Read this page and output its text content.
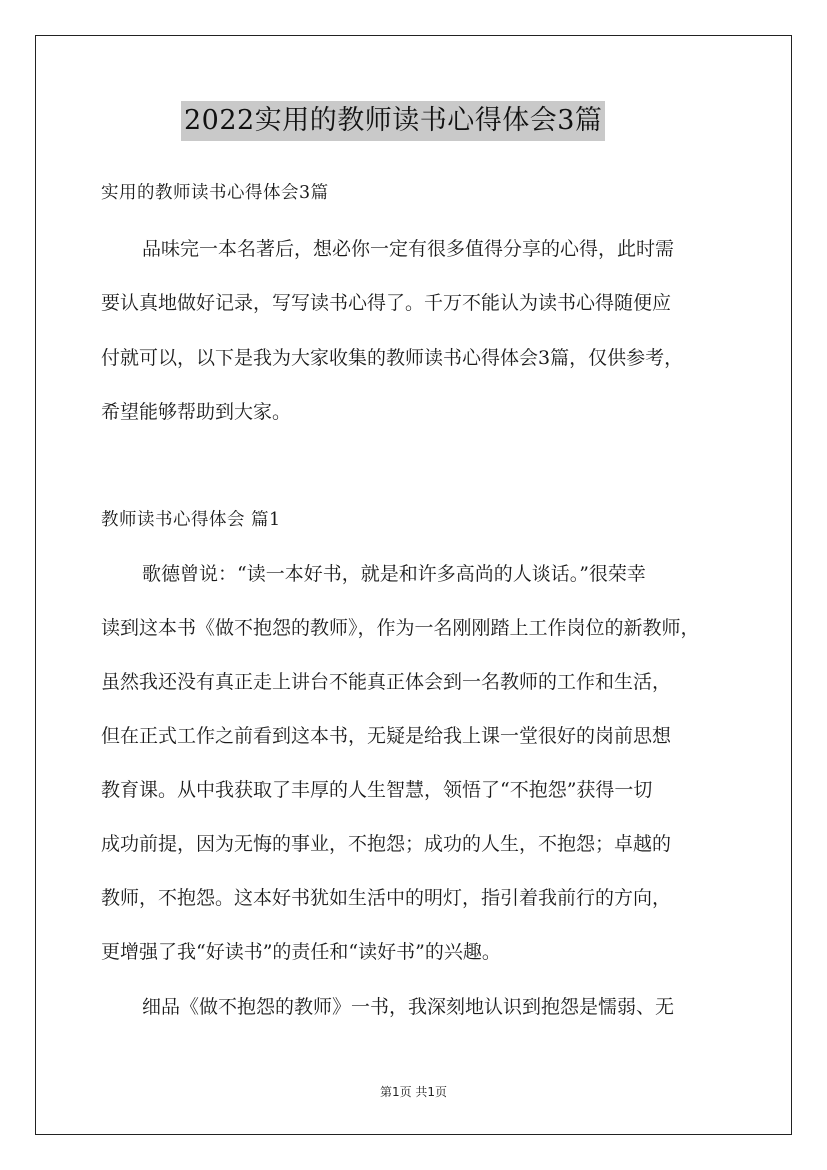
2022实用的教师读书心得体会3篇
实用的教师读书心得体会3篇
品味完一本名著后，想必你一定有很多值得分享的心得，此时需
要认真地做好记录，写写读书心得了。千万不能认为读书心得随便应
付就可以，以下是我为大家收集的教师读书心得体会3篇，仅供参考，
希望能够帮助到大家。
教师读书心得体会 篇1
歌德曾说：“读一本好书，就是和许多高尚的人谈话。”很荣幸
读到这本书《做不抱怨的教师》，作为一名刚刚踏上工作岗位的新教师，
虽然我还没有真正走上讲台不能真正体会到一名教师的工作和生活，
但在正式工作之前看到这本书，无疑是给我上课一堂很好的岗前思想
教育课。从中我获取了丰厚的人生智慧，领悟了“不抱怨”获得一切
成功前提，因为无悔的事业，不抱怨；成功的人生，不抱怨；卓越的
教师，不抱怨。这本好书犹如生活中的明灯，指引着我前行的方向，
更增强了我“好读书”的责任和“读好书”的兴趣。
细品《做不抱怨的教师》一书，我深刻地认识到抱怨是懦弱、无
第1页 共1页
